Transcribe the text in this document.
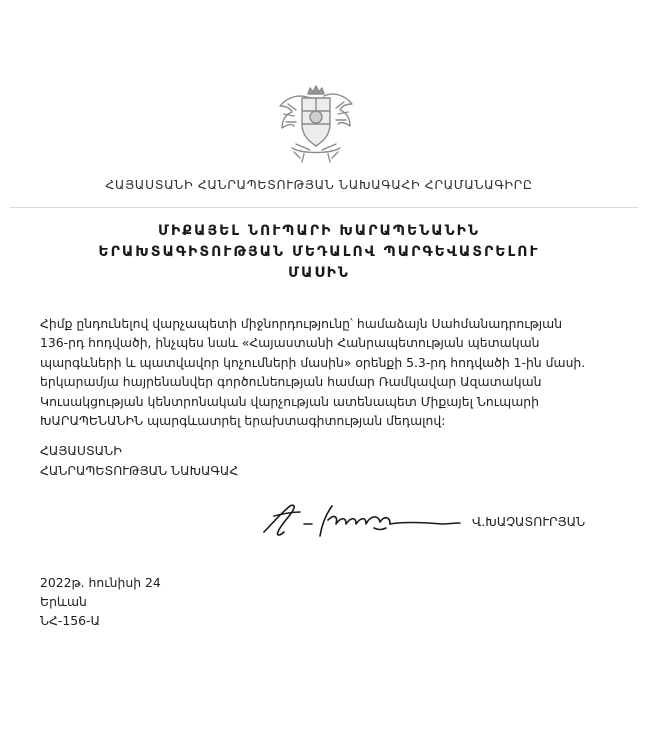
ՀԱՅԱՍՏԱՆԻ ՀԱՆՐԱՊԵՏՈՒԹՅԱՆ ՆԱԽԱԳԱՀԻ ՀՐԱՄԱՆԱԳԻՐԸ
ՄԻՔԱՅԵԼ ՆՈՒՊԱՐԻ ԽԱՐԱՊԵՆԱՆԻՆ
ԵՐԱԽՏԱԳԻՏՈՒԹՅԱՆ ՄԵԴԱԼՈՎ ՊԱՐԳԵՎԱՏՐԵԼՈՒ
ՄԱՍԻՆ
Հիմք ընդունելով վարչապետի միջնորդությունը՝ համաձայն Սահմանադրության
136-րդ հոդվածի, ինչպես նաև «Հայաստանի Հանրապետության պետական
պարգևների և պատվավոր կոչումների մասին» օրենքի 5.3-րդ հոդվածի 1-ին մասի.
երկարամյա հայրենանվեր գործունեության համար Ռամկավար Ազատական
Կուսակցության կենտրոնական վարչության ատենապետ Միքայել Նուպարի
ԽԱՐԱՊԵՆԱՆԻՆ պարգևատրել երախտագիտության մեդալով:
ՀԱՅԱՍՏԱՆԻ
ՀԱՆՐԱՊԵՏՈՒԹՅԱՆ ՆԱԽԱԳԱՀ
Վ.ԽԱՉԱՏՈՒՐՅԱՆ
2022թ. հունիսի 24
Երևան
ՆՀ-156-Ա
